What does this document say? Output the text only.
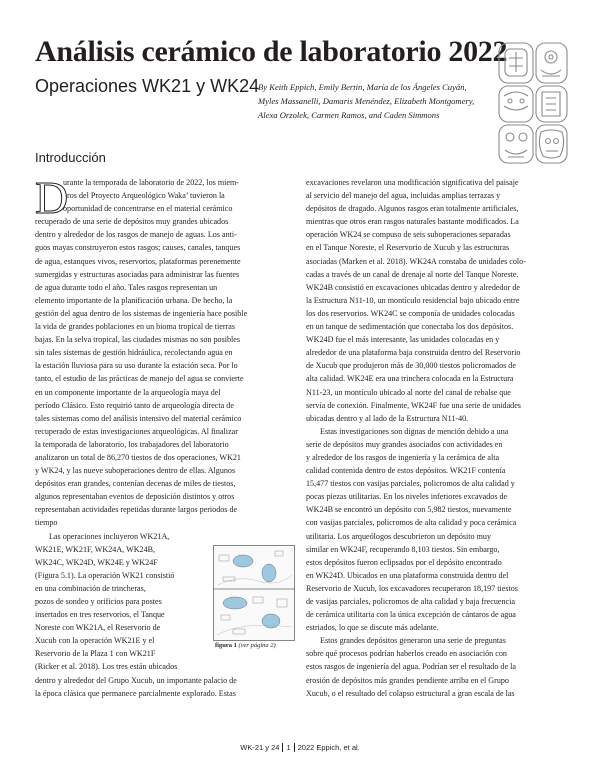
Análisis cerámico de laboratorio 2022
Operaciones WK21 y WK24
By Keith Eppich, Emily Bertin, María de los Ángeles Cuyán,
Myles Massanelli, Damaris Menéndez, Elizabeth Montgomery,
Alexa Orzolek, Carmen Ramos, and Caden Simmons
Introducción
D
urante la temporada de laboratorio de 2022, los miem-
bros del Proyecto Arqueológico Waka’ tuvieron la
oportunidad de concentrarse en el material cerámico
recuperado de una serie de depósitos muy grandes ubicados
dentro y alrededor de los rasgos de manejo de aguas. Los anti-
guos mayas construyeron estos rasgos; causes, canales, tanques
de agua, estanques vivos, reservorios, plataformas perenemente
sumergidas y estructuras asociadas para administrar las fuentes
de agua durante todo el año. Tales rasgos representan un
elemento importante de la planificación urbana. De hecho, la
gestión del agua dentro de los sistemas de ingeniería hace posible
la vida de grandes poblaciones en un bioma tropical de tierras
bajas. En la selva tropical, las ciudades mismas no son posibles
sin tales sistemas de gestión hidráulica, recolectando agua en
la estación lluviosa para su uso durante la estación seca. Por lo
tanto, el estudio de las prácticas de manejo del agua se convierte
en un componente importante de la arqueología maya del
período Clásico. Esto requirió tanto de arqueología directa de
tales sistemas como del análisis intensivo del material cerámico
recuperado de estas investigaciones arqueológicas. Al finalizar
la temporada de laboratorio, los trabajadores del laboratorio
analizaron un total de 86,270 tiestos de dos operaciones, WK21
y WK24, y las nueve suboperaciones dentro de ellas. Algunos
depósitos eran grandes, contenían decenas de miles de tiestos,
algunos representaban eventos de deposición distintos y otros
representaban actividades repetidas durante largos periodos de
tiempo
Las operaciones incluyeron WK21A,
WK21E, WK21F, WK24A, WK24B,
WK24C, WK24D, WK24E y WK24F
(Figura 5.1). La operación WK21 consistió
en una combinación de trincheras,
pozos de sondeo y orificios para postes
insertados en tres reservorios, el Tanque
Noreste con WK21A, el Reservorio de
Xucub con la operación WK21E y el
Reservorio de la Plaza 1 con WK21F
(Ricker et al. 2018). Los tres están ubicados
dentro y alrededor del Grupo Xucub, un importante palacio de
la época clásica que permanece parcialmente explorado. Estas
excavaciones revelaron una modificación significativa del paisaje
al servicio del manejo del agua, incluidas amplias terrazas y
depósitos de dragado. Algunos rasgos eran totalmente artificiales,
mientras que otros eran rasgos naturales bastante modificados. La
operación WK24 se compuso de seis suboperaciones separadas
en el Tanque Noreste, el Reservorio de Xucub y las estructuras
asociadas (Marken et al. 2018). WK24A constaba de unidades colo-
cadas a través de un canal de drenaje al norte del Tanque Noreste.
WK24B consistió en excavaciones ubicadas dentro y alrededor de
la Estructura N11-10, un montículo residencial bajo ubicado entre
los dos reservorios. WK24C se componía de unidades colocadas
en un tanque de sedimentación que conectaba los dos depósitos.
WK24D fue el más interesante, las unidades colocadas en y
alrededor de una plataforma baja construida dentro del Reservorio
de Xucub que produjeron más de 30,000 tiestos policromados de
alta calidad. WK24E era una trinchera colocada en la Estructura
N11-23, un montículo ubicado al norte del canal de rebalse que
servía de conexión. Finalmente, WK24F fue una serie de unidades
ubicadas dentro y al lado de la Estructura N11-40.
Estas investigaciones son dignas de mención debido a una
serie de depósitos muy grandes asociados con actividades en
y alrededor de los rasgos de ingeniería y la cerámica de alta
calidad contenida dentro de estos depósitos. WK21F contenía
15,477 tiestos con vasijas parciales, policromos de alta calidad y
pocas piezas utilitarias. En los niveles inferiores excavados de
WK24B se encontró un depósito con 5,982 tiestos, nuevamente
con vasijas parciales, policromos de alta calidad y poca cerámica
utilitaria. Los arqueólogos descubrieron un depósito muy
similar en WK24F, recuperando 8,103 tiestos. Sin embargo,
estos depósitos fueron eclipsados por el depósito encontrado
en WK24D. Ubicados en una plataforma construida dentro del
Reservorio de Xucub, los excavadores recuperaron 18,197 tiestos
de vasijas parciales, policromos de alta calidad y baja frecuencia
de cerámica utilitaria con la única excepción de cántaros de agua
estriados, lo que se discute más adelante.
Estos grandes depósitos generaron una serie de preguntas
sobre qué procesos podrían haberlos creado en asociación con
estos rasgos de ingeniería del agua. Podrían ser el resultado de la
erosión de depósitos más grandes pendiente arriba en el Grupo
Xucub, o el resultado del colapso estructural a gran escala de las
figura 1 (ver página 2)
WK-21 y 24 1 2022 Eppich, et al.
